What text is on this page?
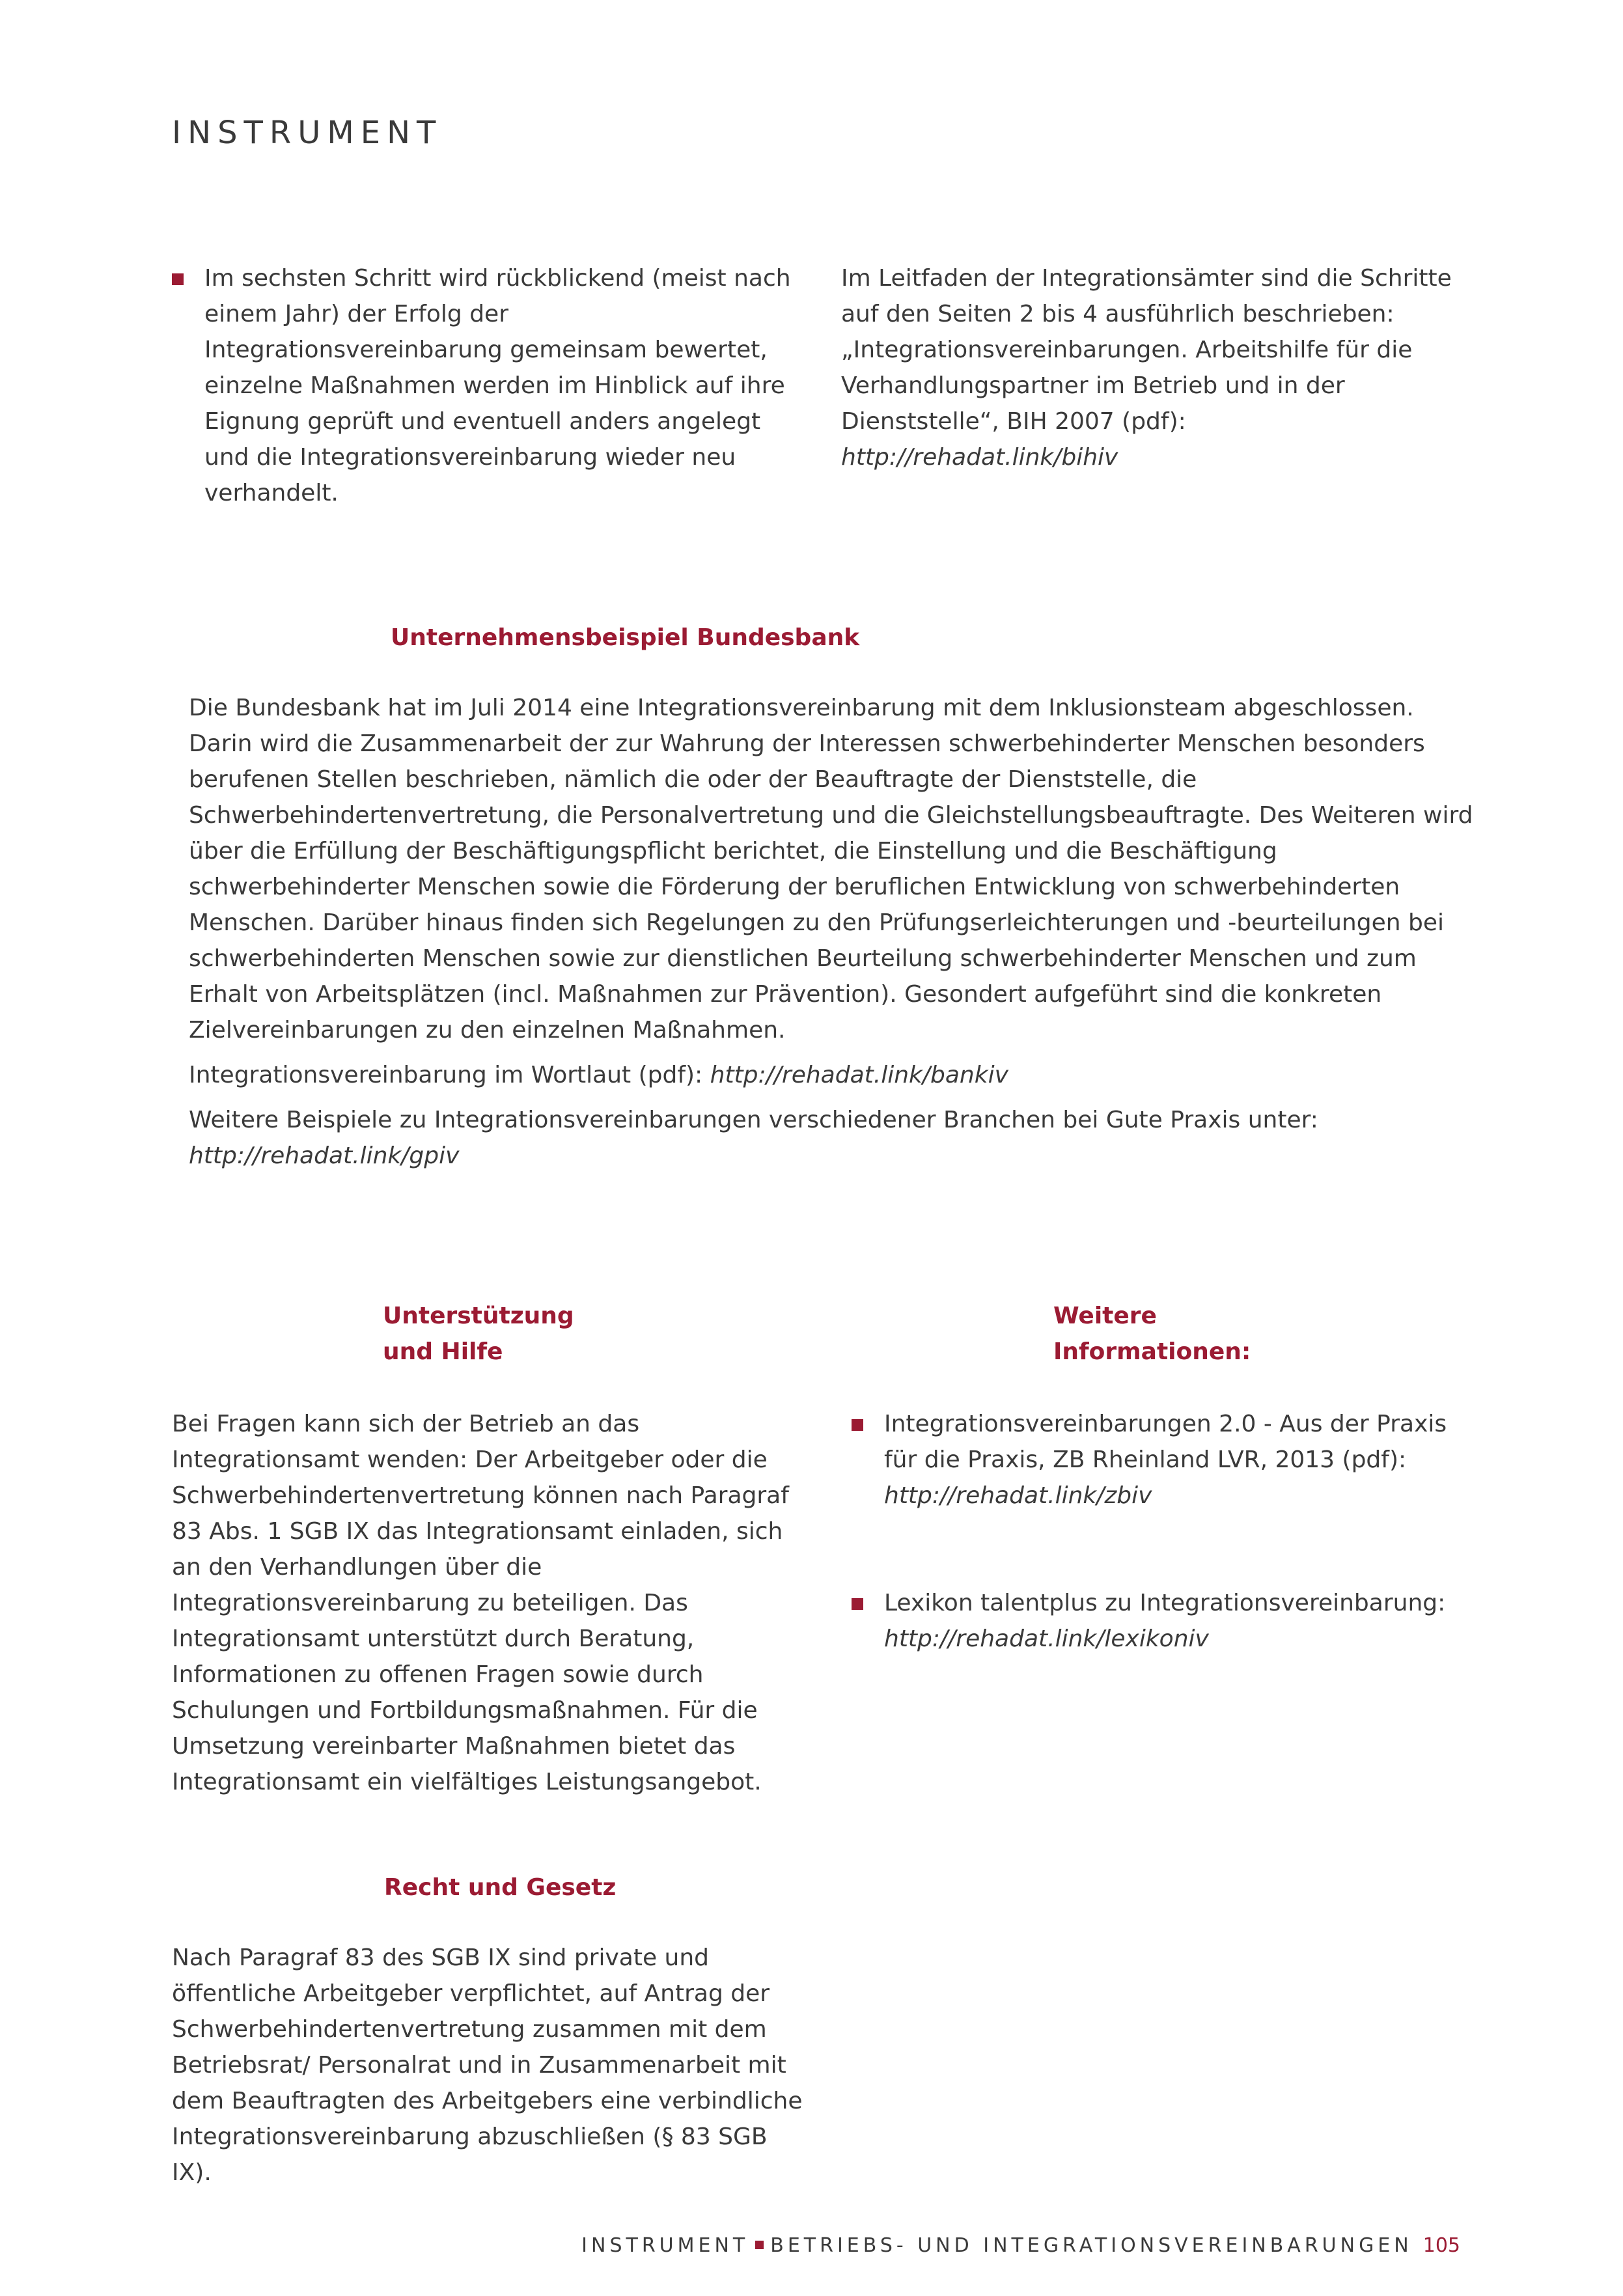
INSTRUMENT

Im sechsten Schritt wird rückblickend (meist nach einem Jahr) der Erfolg der Integrationsvereinbarung gemeinsam bewertet, einzelne Maßnahmen werden im Hinblick auf ihre Eignung geprüft und eventuell anders angelegt und die Integrationsvereinbarung wieder neu verhandelt.

Im Leitfaden der Integrationsämter sind die Schritte auf den Seiten 2 bis 4 ausführlich beschrieben: „Integrationsvereinbarungen. Arbeitshilfe für die Verhandlungspartner im Betrieb und in der Dienststelle“, BIH 2007 (pdf): http://rehadat.link/bihiv

Unternehmensbeispiel Bundesbank

Die Bundesbank hat im Juli 2014 eine Integrationsvereinbarung mit dem Inklusionsteam abgeschlossen. Darin wird die Zusammenarbeit der zur Wahrung der Interessen schwerbehinderter Menschen besonders berufenen Stellen beschrieben, nämlich die oder der Beauftragte der Dienststelle, die Schwerbehindertenvertretung, die Personalvertretung und die Gleichstellungsbeauftragte. Des Weiteren wird über die Erfüllung der Beschäftigungspflicht berichtet, die Einstellung und die Beschäftigung schwerbehinderter Menschen sowie die Förderung der beruflichen Entwicklung von schwerbehinderten Menschen. Darüber hinaus finden sich Regelungen zu den Prüfungserleichterungen und -beurteilungen bei schwerbehinderten Menschen sowie zur dienstlichen Beurteilung schwerbehinderter Menschen und zum Erhalt von Arbeitsplätzen (incl. Maßnahmen zur Prävention). Gesondert aufgeführt sind die konkreten Zielvereinbarungen zu den einzelnen Maßnahmen.

Integrationsvereinbarung im Wortlaut (pdf): http://rehadat.link/bankiv

Weitere Beispiele zu Integrationsvereinbarungen verschiedener Branchen bei Gute Praxis unter:
http://rehadat.link/gpiv

Unterstützung
und Hilfe

Bei Fragen kann sich der Betrieb an das Integrationsamt wenden: Der Arbeitgeber oder die Schwerbehindertenvertretung können nach Paragraf 83 Abs. 1 SGB IX das Integrationsamt einladen, sich an den Verhandlungen über die Integrationsvereinbarung zu beteiligen. Das Integrationsamt unterstützt durch Beratung, Informationen zu offenen Fragen sowie durch Schulungen und Fortbildungsmaßnahmen. Für die Umsetzung vereinbarter Maßnahmen bietet das Integrationsamt ein vielfältiges Leistungsangebot.

Recht und Gesetz

Nach Paragraf 83 des SGB IX sind private und öffentliche Arbeitgeber verpflichtet, auf Antrag der Schwerbehindertenvertretung zusammen mit dem Betriebsrat/ Personalrat und in Zusammenarbeit mit dem Beauftragten des Arbeitgebers eine verbindliche Integrationsvereinbarung abzuschließen (§ 83 SGB IX).

Weitere
Informationen:

Integrationsvereinbarungen 2.0 - Aus der Praxis für die Praxis, ZB Rheinland LVR, 2013 (pdf):
http://rehadat.link/zbiv

Lexikon talentplus zu Integrationsvereinbarung:
http://rehadat.link/lexikoniv

INSTRUMENT BETRIEBS- UND INTEGRATIONSVEREINBARUNGEN 105
